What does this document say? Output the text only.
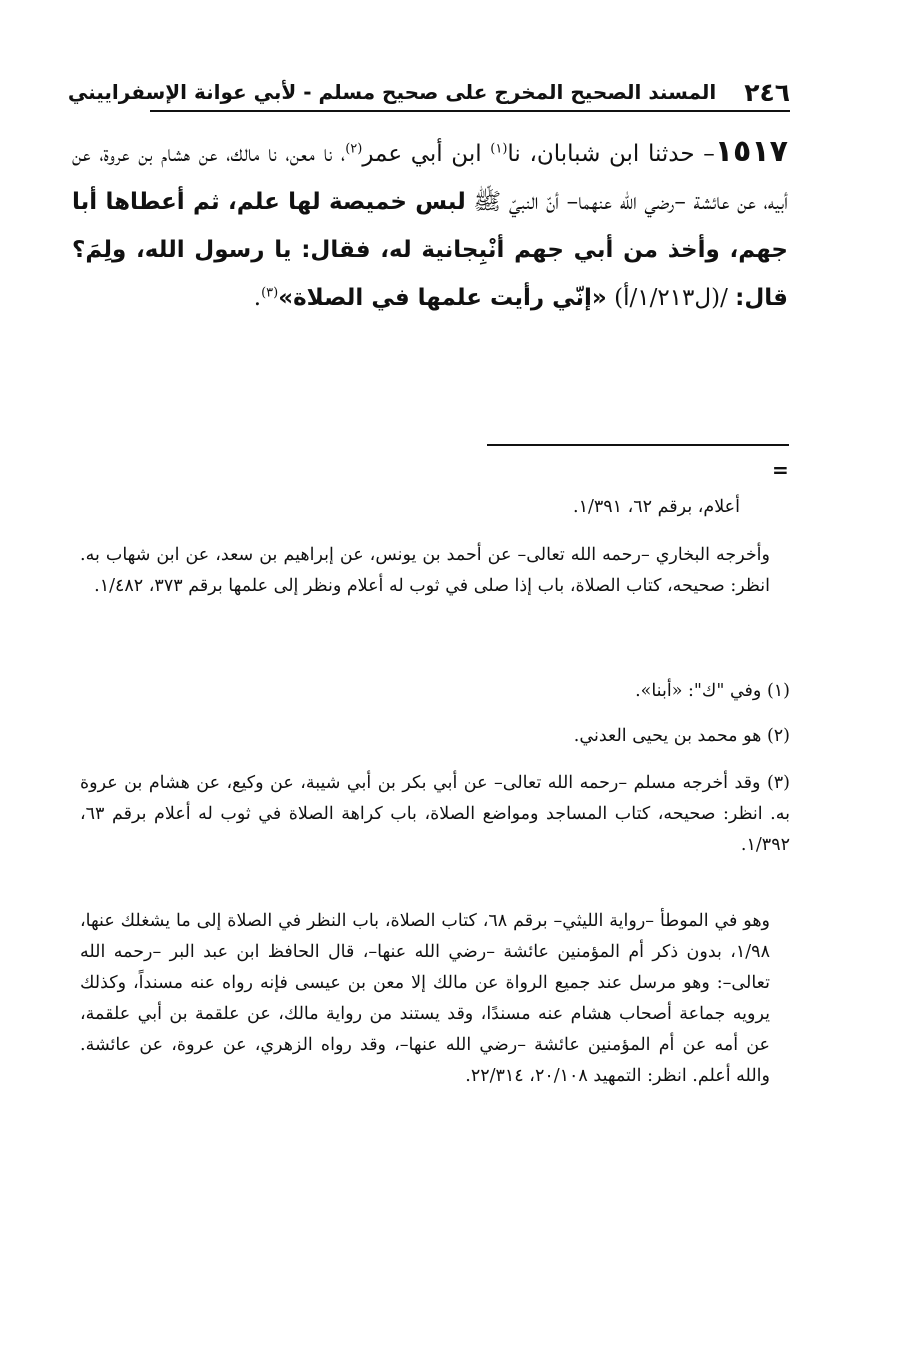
٢٤٦
المسند الصحيح المخرج على صحيح مسلم - لأبي عوانة الإسفراييني

١٥١٧– حدثنا ابن شبابان، نا$^{(١)}$ ابن أبي عمر$^{(٢)}$، نا معن، نا مالك، عن هشام بن عروة، عن أبيه، عن عائشة –رضي الله عنهما– أنّ النبيّ ﷺ لبس خميصة لها علم، ثم أعطاها أبا جهم، وأخذ من أبي جهم أنْبِجانية له، فقال: يا رسول الله، ولِمَ؟ قال: /(ل١/٢١٣/أ) «إنّي رأيت علمها في الصلاة»$^{(٣)}$.

=

أعلام، برقم ٦٢، ١/٣٩١.

وأخرجه البخاري –رحمه الله تعالى– عن أحمد بن يونس، عن إبراهيم بن سعد، عن ابن شهاب به. انظر: صحيحه، كتاب الصلاة، باب إذا صلى في ثوب له أعلام ونظر إلى علمها برقم ٣٧٣، ١/٤٨٢.

(١) وفي "ك": «أبنا».

(٢) هو محمد بن يحيى العدني.

(٣) وقد أخرجه مسلم –رحمه الله تعالى– عن أبي بكر بن أبي شيبة، عن وكيع، عن هشام بن عروة به. انظر: صحيحه، كتاب المساجد ومواضع الصلاة، باب كراهة الصلاة في ثوب له أعلام برقم ٦٣، ١/٣٩٢.

وهو في الموطأ –رواية الليثي– برقم ٦٨، كتاب الصلاة، باب النظر في الصلاة إلى ما يشغلك عنها، ١/٩٨، بدون ذكر أم المؤمنين عائشة –رضي الله عنها–، قال الحافظ ابن عبد البر –رحمه الله تعالى–: وهو مرسل عند جميع الرواة عن مالك إلا معن بن عيسى فإنه رواه عنه مسنداً، وكذلك يرويه جماعة أصحاب هشام عنه مسندًا، وقد يستند من رواية مالك، عن علقمة بن أبي علقمة، عن أمه عن أم المؤمنين عائشة –رضي الله عنها–، وقد رواه الزهري، عن عروة، عن عائشة. والله أعلم. انظر: التمهيد ٢٠/١٠٨، ٢٢/٣١٤.
